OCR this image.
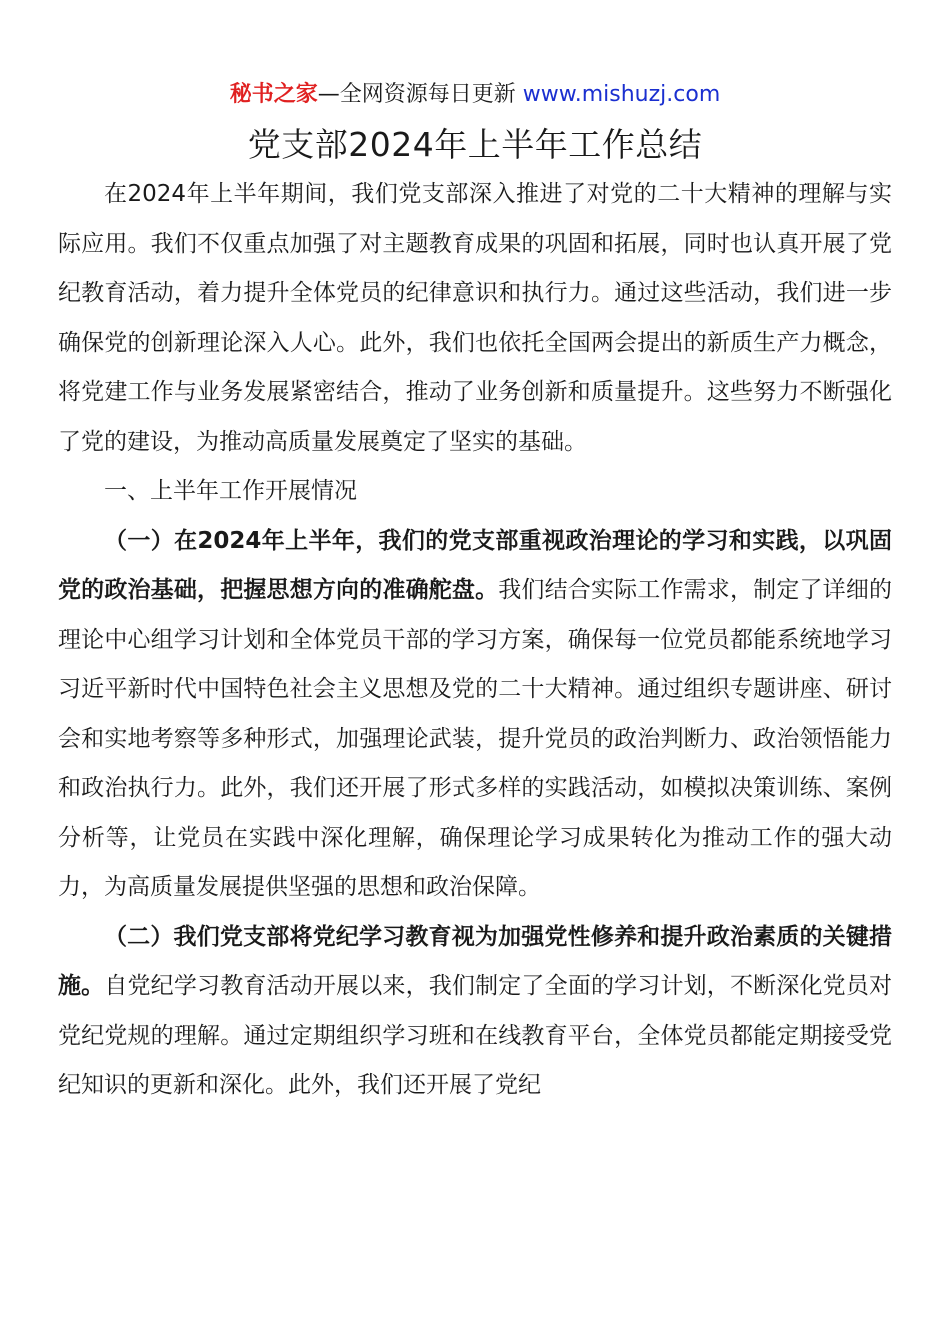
秘书之家—全网资源每日更新 www.mishuzj.com
党支部2024年上半年工作总结

在2024年上半年期间，我们党支部深入推进了对党的二十大精神的理解与实际应用。我们不仅重点加强了对主题教育成果的巩固和拓展，同时也认真开展了党纪教育活动，着力提升全体党员的纪律意识和执行力。通过这些活动，我们进一步确保党的创新理论深入人心。此外，我们也依托全国两会提出的新质生产力概念，将党建工作与业务发展紧密结合，推动了业务创新和质量提升。这些努力不断强化了党的建设，为推动高质量发展奠定了坚实的基础。

一、上半年工作开展情况

（一）在2024年上半年，我们的党支部重视政治理论的学习和实践，以巩固党的政治基础，把握思想方向的准确舵盘。我们结合实际工作需求，制定了详细的理论中心组学习计划和全体党员干部的学习方案，确保每一位党员都能系统地学习习近平新时代中国特色社会主义思想及党的二十大精神。通过组织专题讲座、研讨会和实地考察等多种形式，加强理论武装，提升党员的政治判断力、政治领悟能力和政治执行力。此外，我们还开展了形式多样的实践活动，如模拟决策训练、案例分析等，让党员在实践中深化理解，确保理论学习成果转化为推动工作的强大动力，为高质量发展提供坚强的思想和政治保障。

（二）我们党支部将党纪学习教育视为加强党性修养和提升政治素质的关键措施。自党纪学习教育活动开展以来，我们制定了全面的学习计划，不断深化党员对党纪党规的理解。通过定期组织学习班和在线教育平台，全体党员都能定期接受党纪知识的更新和深化。此外，我们还开展了党纪
